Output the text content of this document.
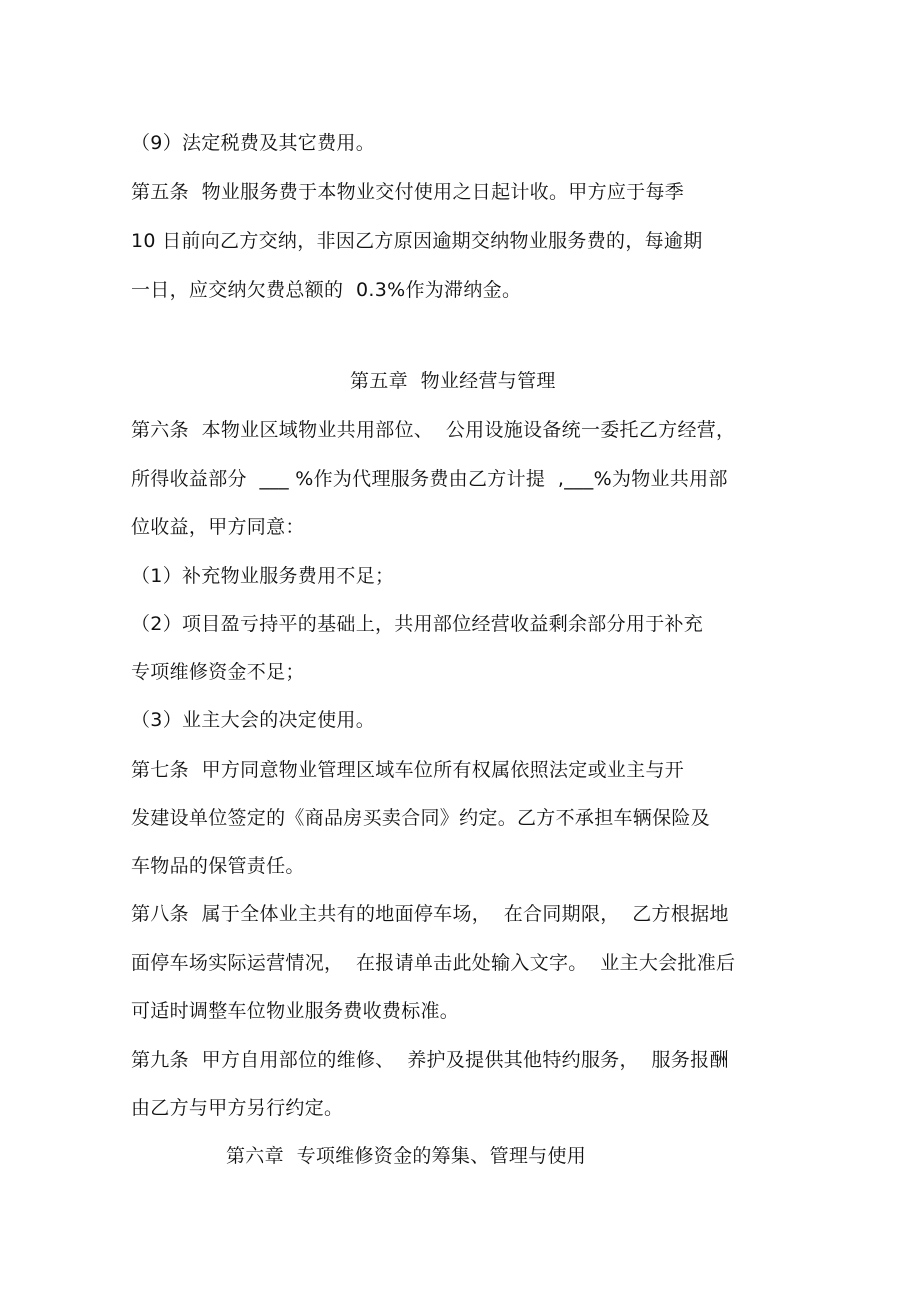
（9）法定税费及其它费用。
第五条  物业服务费于本物业交付使用之日起计收。甲方应于每季
10 日前向乙方交纳，非因乙方原因逾期交纳物业服务费的，每逾期
一日，应交纳欠费总额的  0.3%作为滞纳金。
第五章  物业经营与管理
第六条  本物业区域物业共用部位、  公用设施设备统一委托乙方经营，
所得收益部分  ___ %作为代理服务费由乙方计提  ,___%为物业共用部
位收益，甲方同意：
（1）补充物业服务费用不足；
（2）项目盈亏持平的基础上，共用部位经营收益剩余部分用于补充
专项维修资金不足；
（3）业主大会的决定使用。
第七条  甲方同意物业管理区域车位所有权属依照法定或业主与开
发建设单位签定的《商品房买卖合同》约定。乙方不承担车辆保险及
车物品的保管责任。
第八条  属于全体业主共有的地面停车场，  在合同期限，  乙方根据地
面停车场实际运营情况，  在报请单击此处输入文字。  业主大会批准后
可适时调整车位物业服务费收费标准。
第九条  甲方自用部位的维修、  养护及提供其他特约服务，  服务报酬
由乙方与甲方另行约定。
第六章  专项维修资金的筹集、管理与使用
